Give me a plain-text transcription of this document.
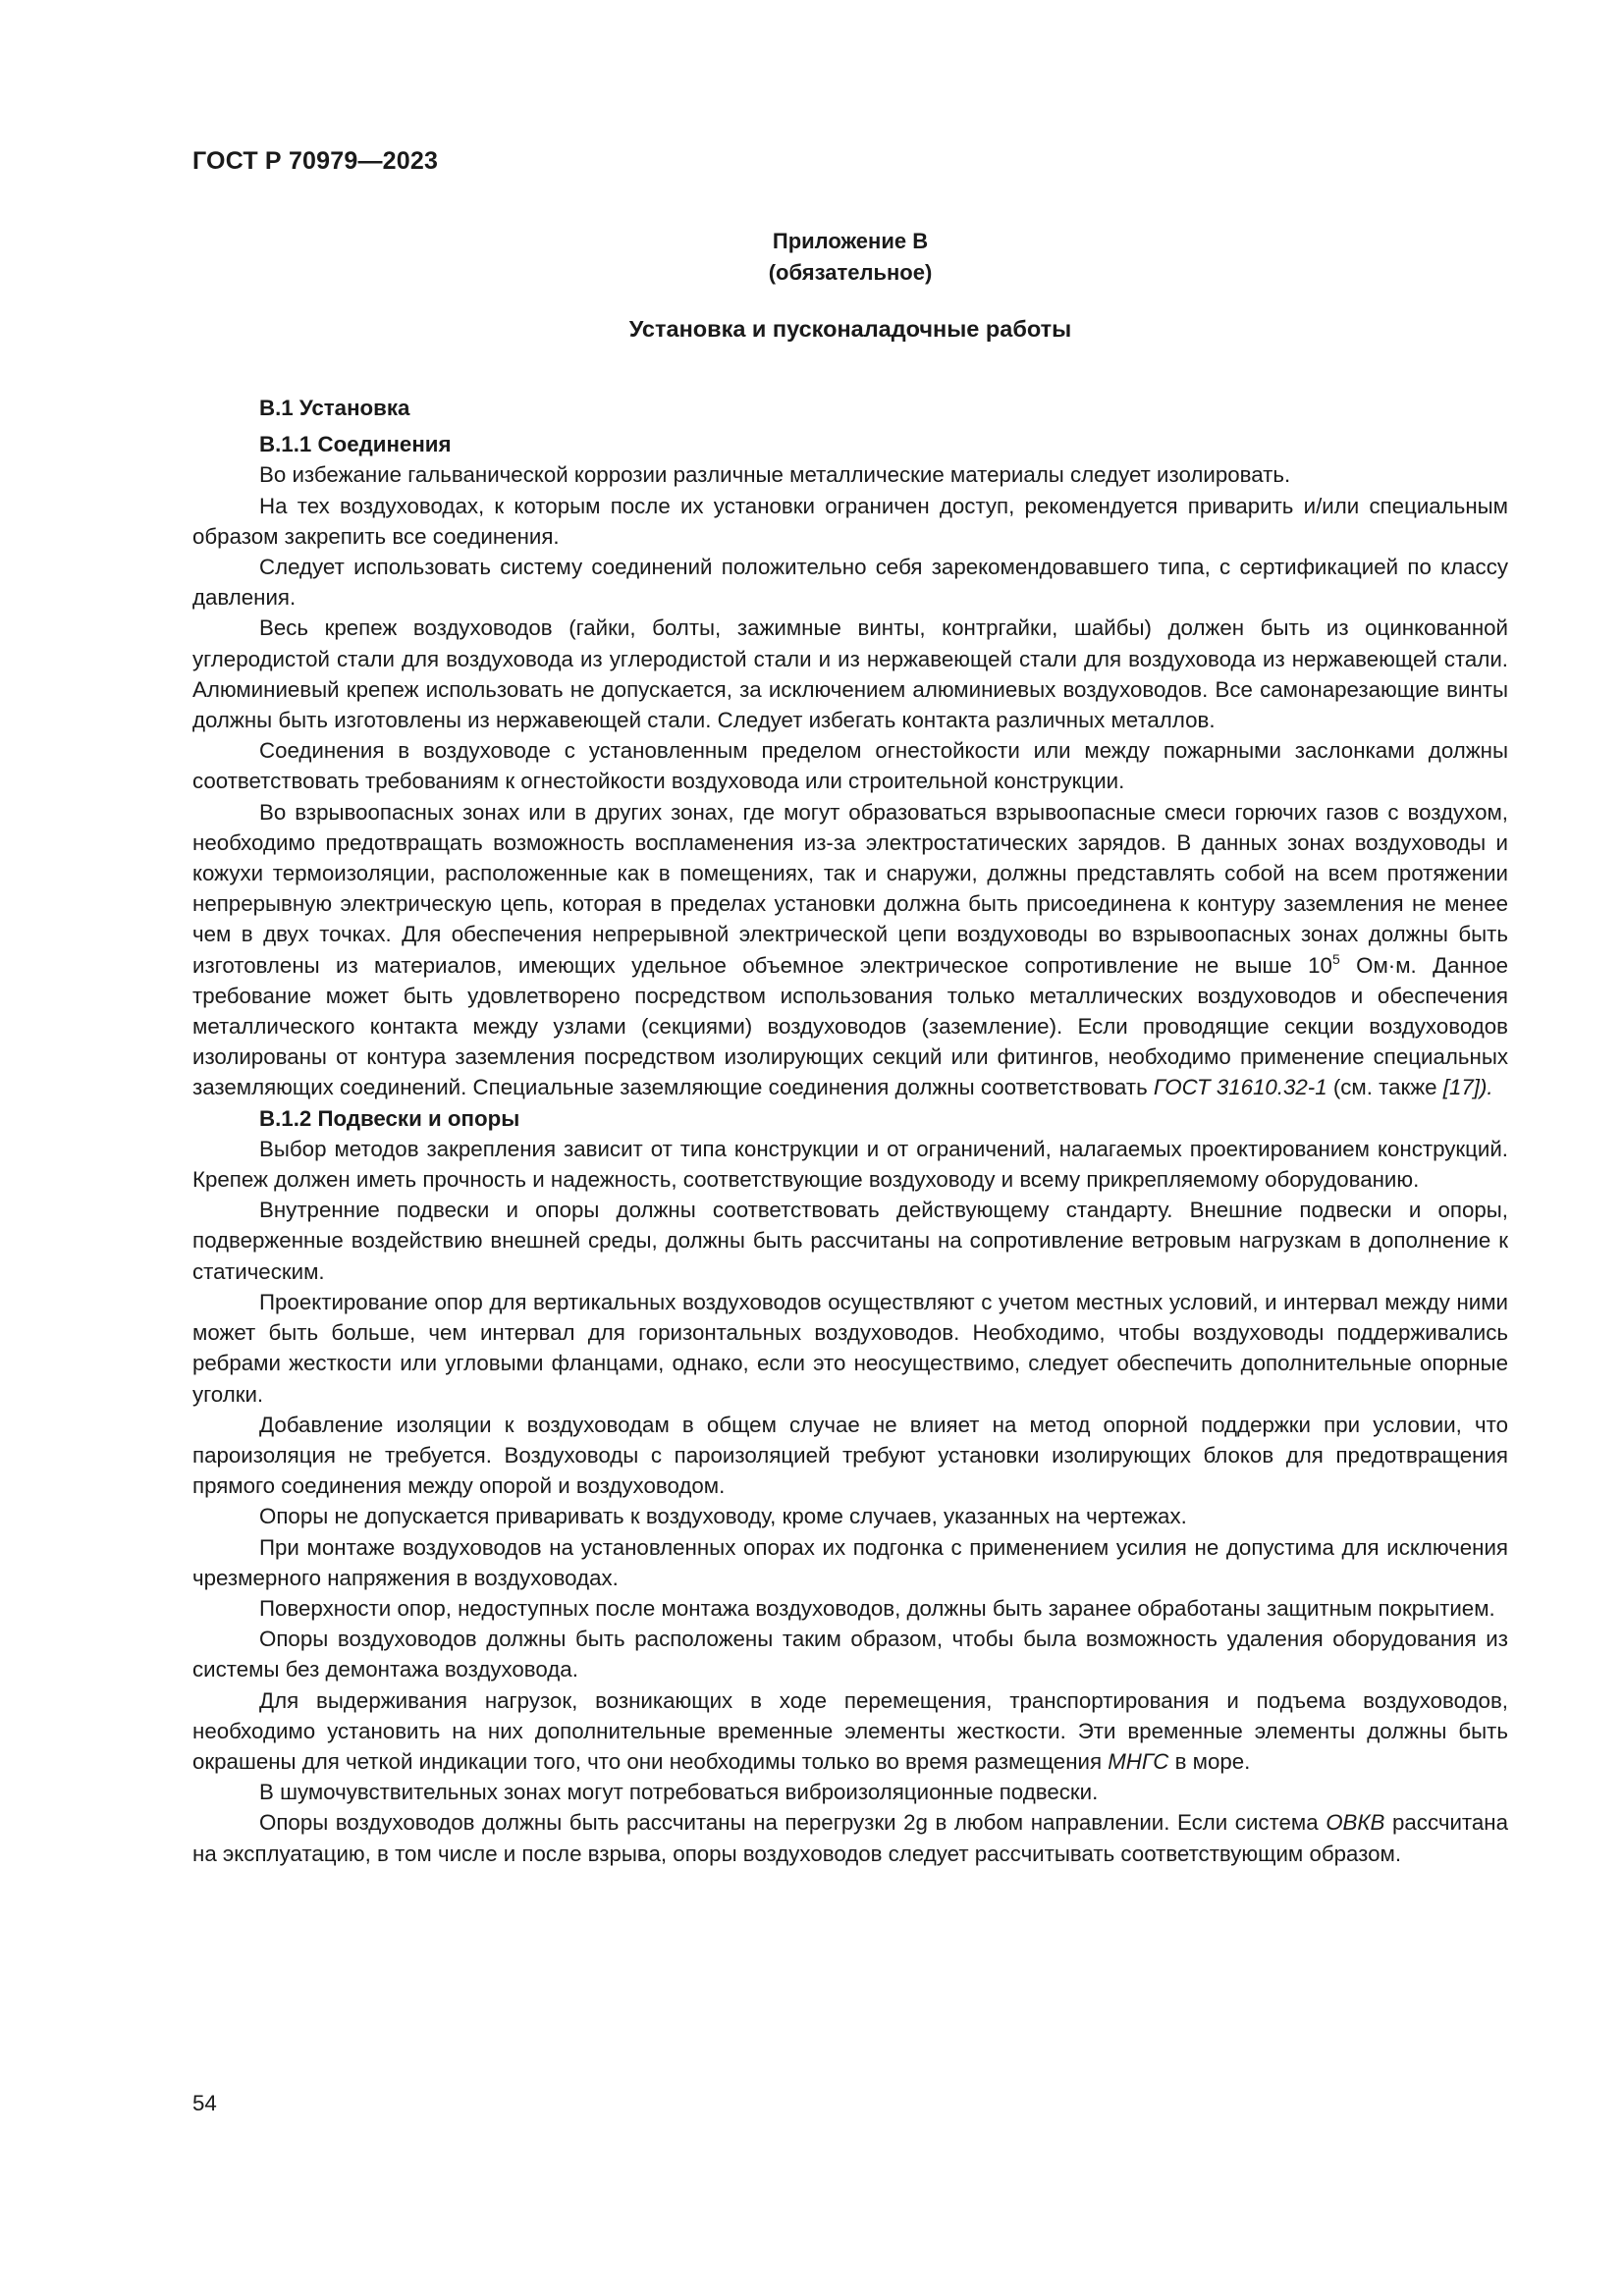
ГОСТ Р 70979—2023
Приложение В
(обязательное)
Установка и пусконаладочные работы
В.1 Установка
В.1.1 Соединения

Во избежание гальванической коррозии различные металлические материалы следует изолировать.

На тех воздуховодах, к которым после их установки ограничен доступ, рекомендуется приварить и/или специальным образом закрепить все соединения.

Следует использовать систему соединений положительно себя зарекомендовавшего типа, с сертификацией по классу давления.

Весь крепеж воздуховодов (гайки, болты, зажимные винты, контргайки, шайбы) должен быть из оцинкованной углеродистой стали для воздуховода из углеродистой стали и из нержавеющей стали для воздуховода из нержавеющей стали. Алюминиевый крепеж использовать не допускается, за исключением алюминиевых воздуховодов. Все самонарезающие винты должны быть изготовлены из нержавеющей стали. Следует избегать контакта различных металлов.

Соединения в воздуховоде с установленным пределом огнестойкости или между пожарными заслонками должны соответствовать требованиям к огнестойкости воздуховода или строительной конструкции.

Во взрывоопасных зонах или в других зонах, где могут образоваться взрывоопасные смеси горючих газов с воздухом, необходимо предотвращать возможность воспламенения из-за электростатических зарядов. В данных зонах воздуховоды и кожухи термоизоляции, расположенные как в помещениях, так и снаружи, должны представлять собой на всем протяжении непрерывную электрическую цепь, которая в пределах установки должна быть присоединена к контуру заземления не менее чем в двух точках. Для обеспечения непрерывной электрической цепи воздуховоды во взрывоопасных зонах должны быть изготовлены из материалов, имеющих удельное объемное электрическое сопротивление не выше $10^5$ Ом·м. Данное требование может быть удовлетворено посредством использования только металлических воздуховодов и обеспечения металлического контакта между узлами (секциями) воздуховодов (заземление). Если проводящие секции воздуховодов изолированы от контура заземления посредством изолирующих секций или фитингов, необходимо применение специальных заземляющих соединений. Специальные заземляющие соединения должны соответствовать ГОСТ 31610.32-1 (см. также [17]).

В.1.2 Подвески и опоры

Выбор методов закрепления зависит от типа конструкции и от ограничений, налагаемых проектированием конструкций. Крепеж должен иметь прочность и надежность, соответствующие воздуховоду и всему прикрепляемому оборудованию.

Внутренние подвески и опоры должны соответствовать действующему стандарту. Внешние подвески и опоры, подверженные воздействию внешней среды, должны быть рассчитаны на сопротивление ветровым нагрузкам в дополнение к статическим.

Проектирование опор для вертикальных воздуховодов осуществляют с учетом местных условий, и интервал между ними может быть больше, чем интервал для горизонтальных воздуховодов. Необходимо, чтобы воздуховоды поддерживались ребрами жесткости или угловыми фланцами, однако, если это неосуществимо, следует обеспечить дополнительные опорные уголки.

Добавление изоляции к воздуховодам в общем случае не влияет на метод опорной поддержки при условии, что пароизоляция не требуется. Воздуховоды с пароизоляцией требуют установки изолирующих блоков для предотвращения прямого соединения между опорой и воздуховодом.

Опоры не допускается приваривать к воздуховоду, кроме случаев, указанных на чертежах.

При монтаже воздуховодов на установленных опорах их подгонка с применением усилия не допустима для исключения чрезмерного напряжения в воздуховодах.

Поверхности опор, недоступных после монтажа воздуховодов, должны быть заранее обработаны защитным покрытием.

Опоры воздуховодов должны быть расположены таким образом, чтобы была возможность удаления оборудования из системы без демонтажа воздуховода.

Для выдерживания нагрузок, возникающих в ходе перемещения, транспортирования и подъема воздуховодов, необходимо установить на них дополнительные временные элементы жесткости. Эти временные элементы должны быть окрашены для четкой индикации того, что они необходимы только во время размещения МНГС в море.

В шумочувствительных зонах могут потребоваться виброизоляционные подвески.

Опоры воздуховодов должны быть рассчитаны на перегрузки 2g в любом направлении. Если система ОВКВ рассчитана на эксплуатацию, в том числе и после взрыва, опоры воздуховодов следует рассчитывать соответствующим образом.

54
